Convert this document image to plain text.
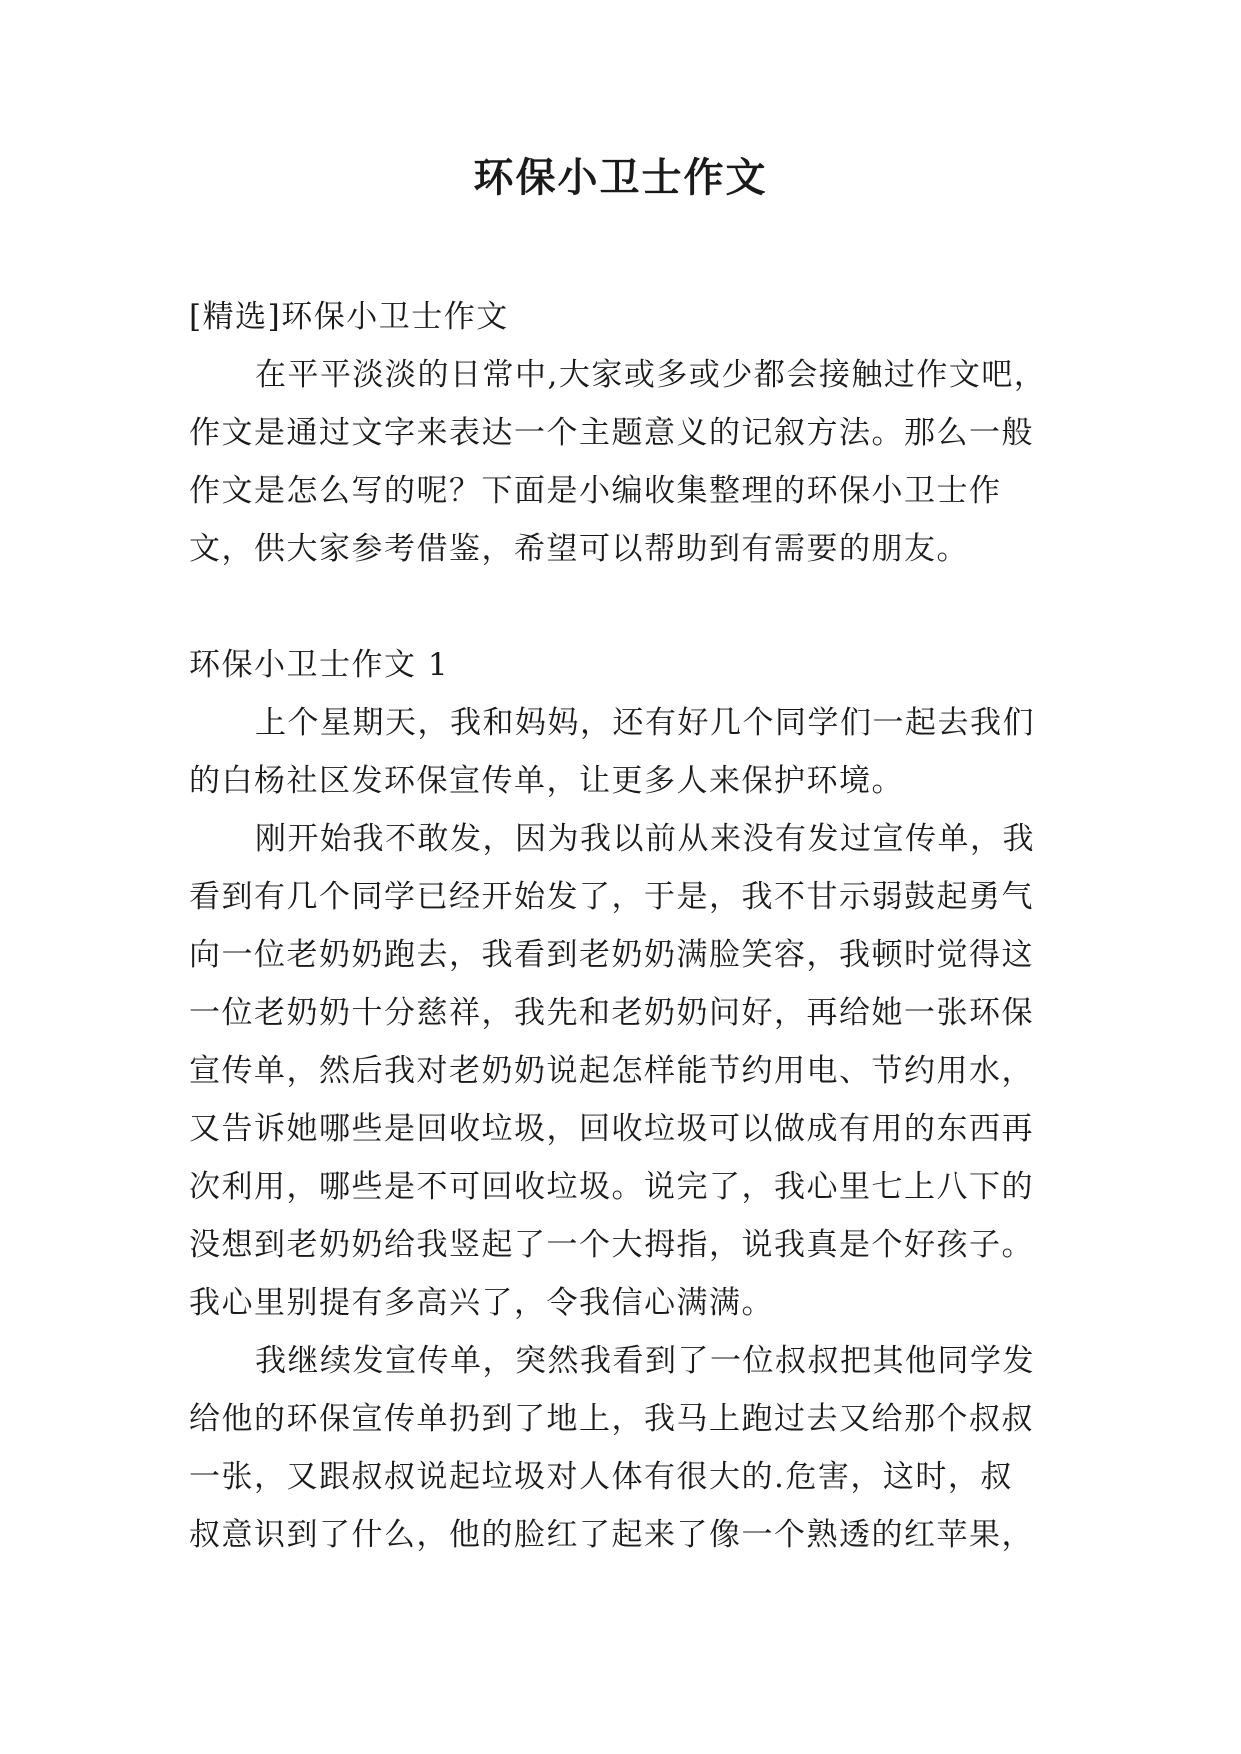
环保小卫士作文
[精选]环保小卫士作文
在平平淡淡的日常中,大家或多或少都会接触过作文吧，
作文是通过文字来表达一个主题意义的记叙方法。那么一般
作文是怎么写的呢？下面是小编收集整理的环保小卫士作
文，供大家参考借鉴，希望可以帮助到有需要的朋友。
环保小卫士作文 1
上个星期天，我和妈妈，还有好几个同学们一起去我们
的白杨社区发环保宣传单，让更多人来保护环境。
刚开始我不敢发，因为我以前从来没有发过宣传单，我
看到有几个同学已经开始发了，于是，我不甘示弱鼓起勇气
向一位老奶奶跑去，我看到老奶奶满脸笑容，我顿时觉得这
一位老奶奶十分慈祥，我先和老奶奶问好，再给她一张环保
宣传单，然后我对老奶奶说起怎样能节约用电、节约用水，
又告诉她哪些是回收垃圾，回收垃圾可以做成有用的东西再
次利用，哪些是不可回收垃圾。说完了，我心里七上八下的
没想到老奶奶给我竖起了一个大拇指，说我真是个好孩子。
我心里别提有多高兴了，令我信心满满。
我继续发宣传单，突然我看到了一位叔叔把其他同学发
给他的环保宣传单扔到了地上，我马上跑过去又给那个叔叔
一张，又跟叔叔说起垃圾对人体有很大的.危害，这时，叔
叔意识到了什么，他的脸红了起来了像一个熟透的红苹果，
